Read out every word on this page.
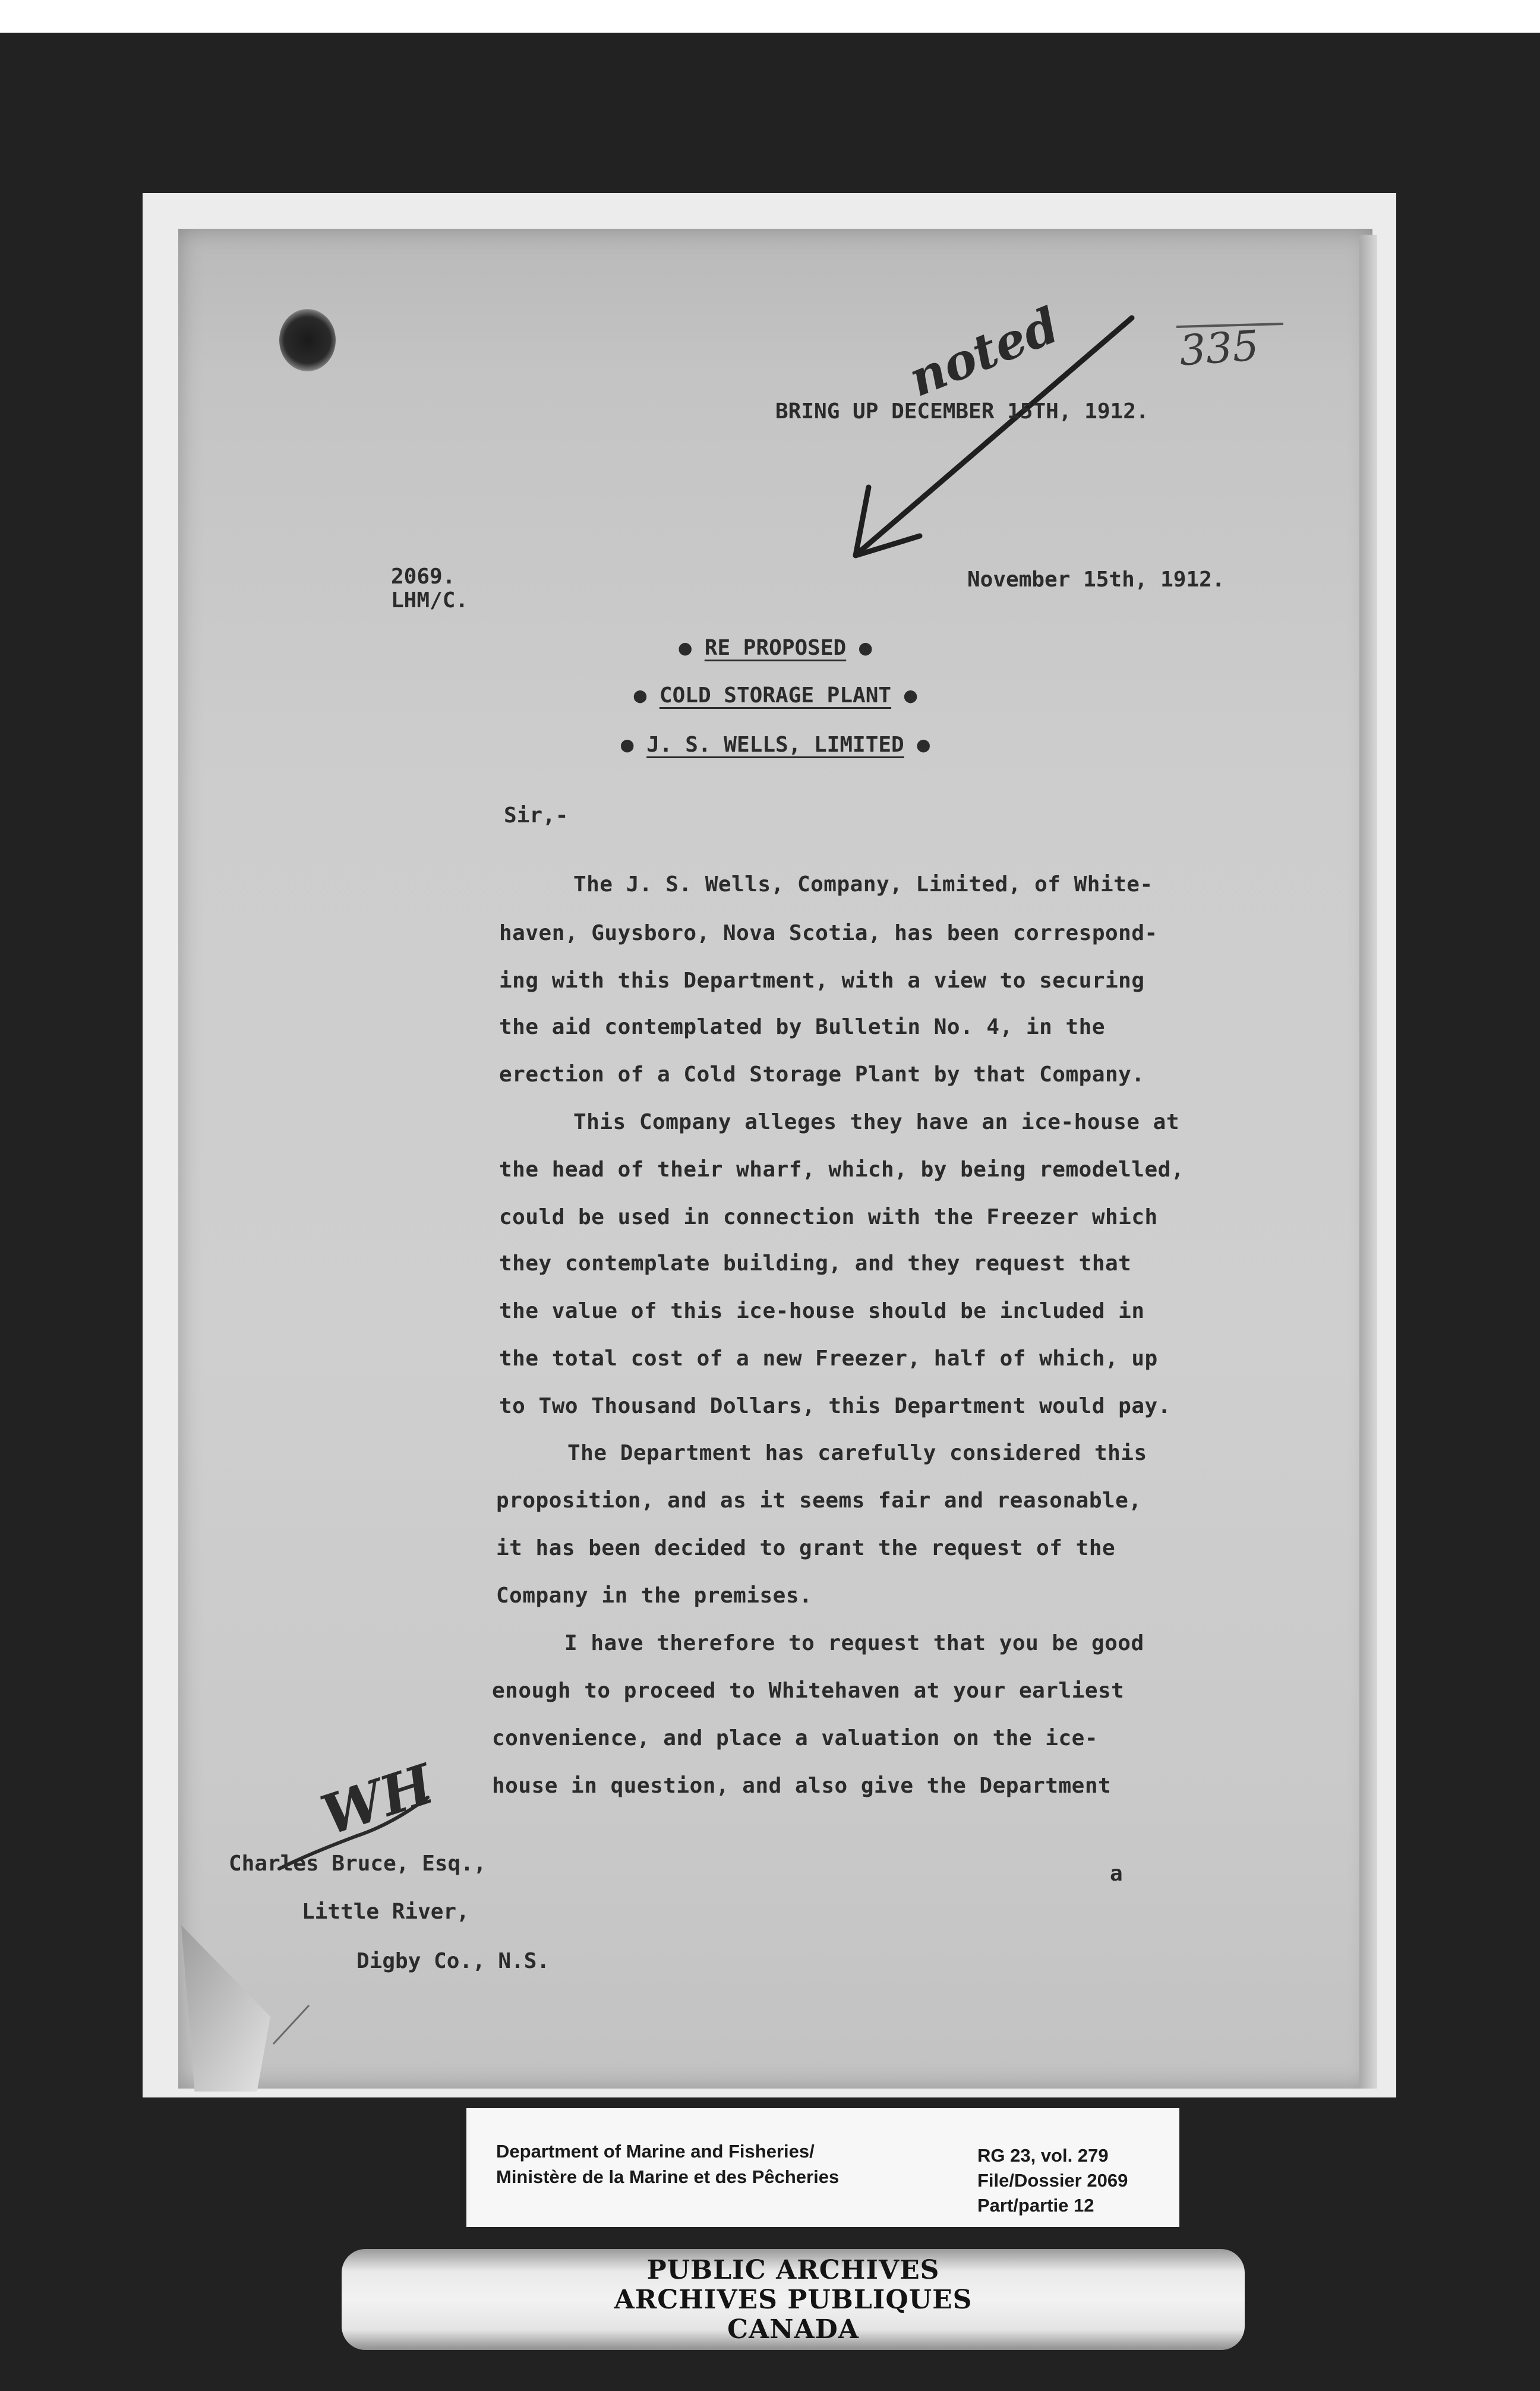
noted	335
WH
BRING UP DECEMBER 15TH, 1912.
2069.
LHM/C.
November 15th, 1912.
● RE PROPOSED ●
● COLD STORAGE PLANT ●
● J. S. WELLS, LIMITED ●
Sir,-
The J. S. Wells, Company, Limited, of White-
haven, Guysboro, Nova Scotia, has been correspond-
ing with this Department, with a view to securing
the aid contemplated by Bulletin No. 4, in the
erection of a Cold Storage Plant by that Company.
This Company alleges they have an ice-house at
the head of their wharf, which, by being remodelled,
could be used in connection with the Freezer which
they contemplate building, and they request that
the value of this ice-house should be included in
the total cost of a new Freezer, half of which, up
to Two Thousand Dollars, this Department would pay.
The Department has carefully considered this
proposition, and as it seems fair and reasonable,
it has been decided to grant the request of the
Company in the premises.
I have therefore to request that you be good
enough to proceed to Whitehaven at your earliest
convenience, and place a valuation on the ice-
house in question, and also give the Department
a
Charles Bruce, Esq.,
Little River,
Digby Co., N.S.
Department of Marine and Fisheries/
Ministère de la Marine et des Pêcheries
RG 23, vol. 279
File/Dossier 2069
Part/partie 12
PUBLIC ARCHIVES
ARCHIVES PUBLIQUES
CANADA
